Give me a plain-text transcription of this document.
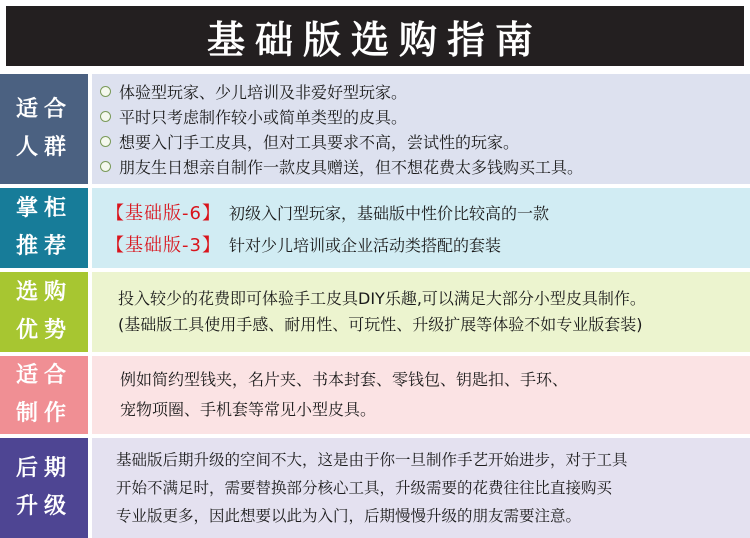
基础版选购指南
适合
人群
体验型玩家、少儿培训及非爱好型玩家。
平时只考虑制作较小或简单类型的皮具。
想要入门手工皮具，但对工具要求不高，尝试性的玩家。
朋友生日想亲自制作一款皮具赠送，但不想花费太多钱购买工具。
掌柜
推荐
【基础版-6】 初级入门型玩家，基础版中性价比较高的一款
【基础版-3】 针对少儿培训或企业活动类搭配的套装
选购
优势
投入较少的花费即可体验手工皮具DIY乐趣,可以满足大部分小型皮具制作。
(基础版工具使用手感、耐用性、可玩性、升级扩展等体验不如专业版套装)
适合
制作
例如简约型钱夹，名片夹、书本封套、零钱包、钥匙扣、手环、
宠物项圈、手机套等常见小型皮具。
后期
升级
基础版后期升级的空间不大，这是由于你一旦制作手艺开始进步，对于工具
开始不满足时，需要替换部分核心工具，升级需要的花费往往比直接购买
专业版更多，因此想要以此为入门，后期慢慢升级的朋友需要注意。
